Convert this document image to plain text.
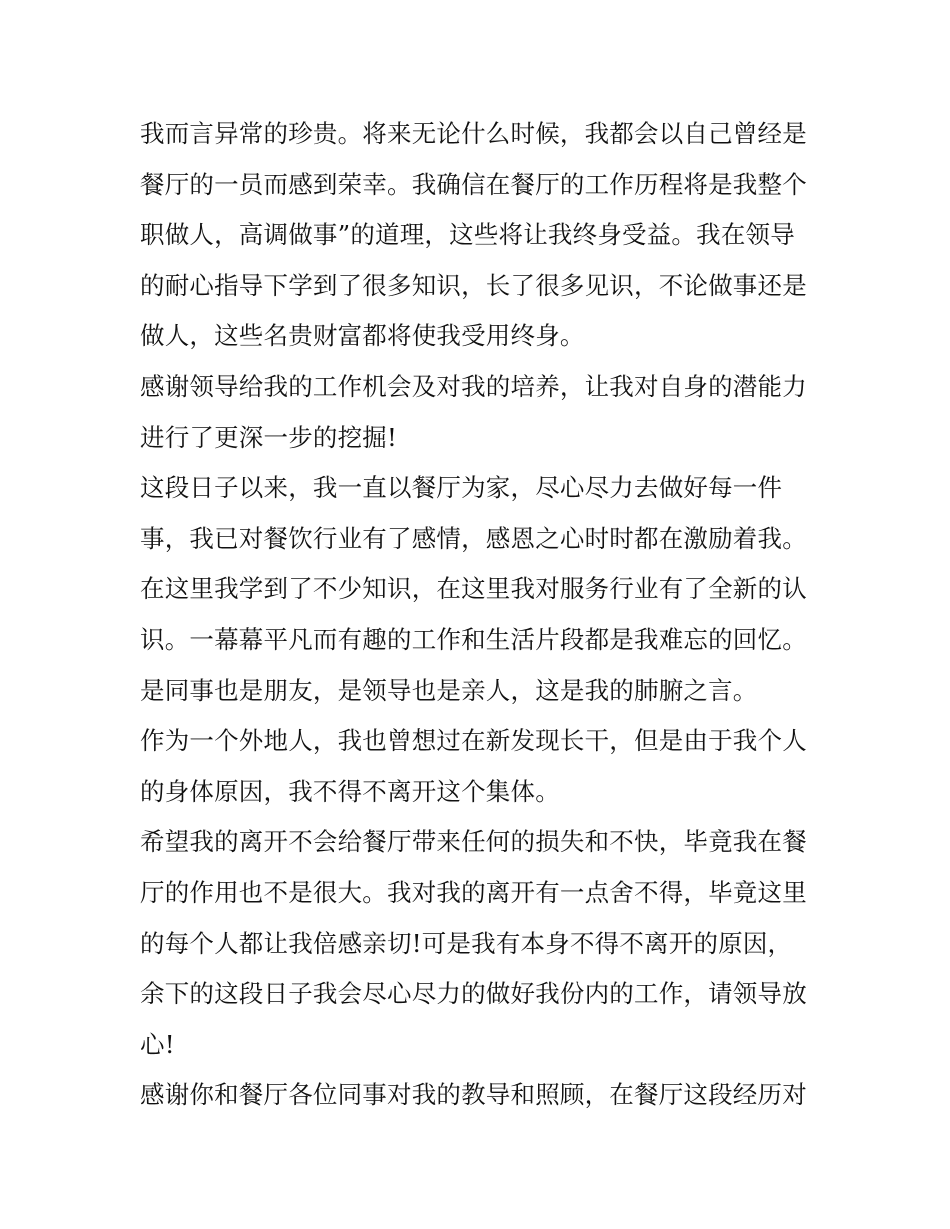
我而言异常的珍贵。将来无论什么时候，我都会以自己曾经是
餐厅的一员而感到荣幸。我确信在餐厅的工作历程将是我整个
职做人，高调做事”的道理，这些将让我终身受益。我在领导
的耐心指导下学到了很多知识，长了很多见识，不论做事还是
做人，这些名贵财富都将使我受用终身。
感谢领导给我的工作机会及对我的培养，让我对自身的潜能力
进行了更深一步的挖掘!
这段日子以来，我一直以餐厅为家，尽心尽力去做好每一件
事，我已对餐饮行业有了感情，感恩之心时时都在激励着我。
在这里我学到了不少知识，在这里我对服务行业有了全新的认
识。一幕幕平凡而有趣的工作和生活片段都是我难忘的回忆。
是同事也是朋友，是领导也是亲人，这是我的肺腑之言。
作为一个外地人，我也曾想过在新发现长干，但是由于我个人
的身体原因，我不得不离开这个集体。
希望我的离开不会给餐厅带来任何的损失和不快，毕竟我在餐
厅的作用也不是很大。我对我的离开有一点舍不得，毕竟这里
的每个人都让我倍感亲切!可是我有本身不得不离开的原因，
余下的这段日子我会尽心尽力的做好我份内的工作，请领导放
心!
感谢你和餐厅各位同事对我的教导和照顾，在餐厅这段经历对
